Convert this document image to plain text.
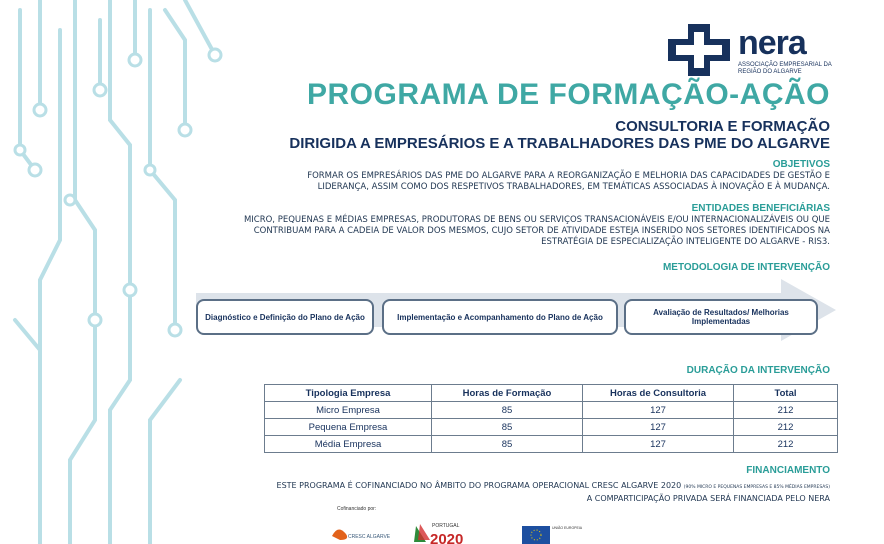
nera
ASSOCIAÇÃO EMPRESARIAL DA REGIÃO DO ALGARVE
PROGRAMA DE FORMAÇÃO-AÇÃO
CONSULTORIA E FORMAÇÃO
DIRIGIDA A EMPRESÁRIOS E A TRABALHADORES DAS PME DO ALGARVE
OBJETIVOS
FORMAR OS EMPRESÁRIOS DAS PME DO ALGARVE PARA A REORGANIZAÇÃO E MELHORIA DAS CAPACIDADES DE GESTÃO E
LIDERANÇA, ASSIM COMO DOS RESPETIVOS TRABALHADORES, EM TEMÁTICAS ASSOCIADAS À INOVAÇÃO E À MUDANÇA.
ENTIDADES BENEFICIÁRIAS
MICRO, PEQUENAS E MÉDIAS EMPRESAS, PRODUTORAS DE BENS OU SERVIÇOS TRANSACIONÁVEIS E/OU INTERNACIONALIZÁVEIS OU QUE
CONTRIBUAM PARA A CADEIA DE VALOR DOS MESMOS, CUJO SETOR DE ATIVIDADE ESTEJA INSERIDO NOS SETORES IDENTIFICADOS NA
ESTRATÉGIA DE ESPECIALIZAÇÃO INTELIGENTE DO ALGARVE - RIS3.
METODOLOGIA DE INTERVENÇÃO
Diagnóstico e Definição do Plano de Ação	Implementação e Acompanhamento do Plano de Ação	Avaliação de Resultados/ Melhorias Implementadas
DURAÇÃO DA INTERVENÇÃO
Tipologia Empresa	Horas de Formação	Horas de Consultoria	Total
Micro Empresa	85	127	212
Pequena Empresa	85	127	212
Média Empresa	85	127	212
FINANCIAMENTO
ESTE PROGRAMA É COFINANCIADO NO ÂMBITO DO PROGRAMA OPERACIONAL CRESC ALGARVE 2020 (90% MICRO E PEQUENAS EMPRESAS E 85% MÉDIAS EMPRESAS)
A COMPARTICIPAÇÃO PRIVADA SERÁ FINANCIADA PELO NERA
Cofinanciado por:
CRESC ALGARVE
PORTUGAL
2020
UNIÃO EUROPEIA
